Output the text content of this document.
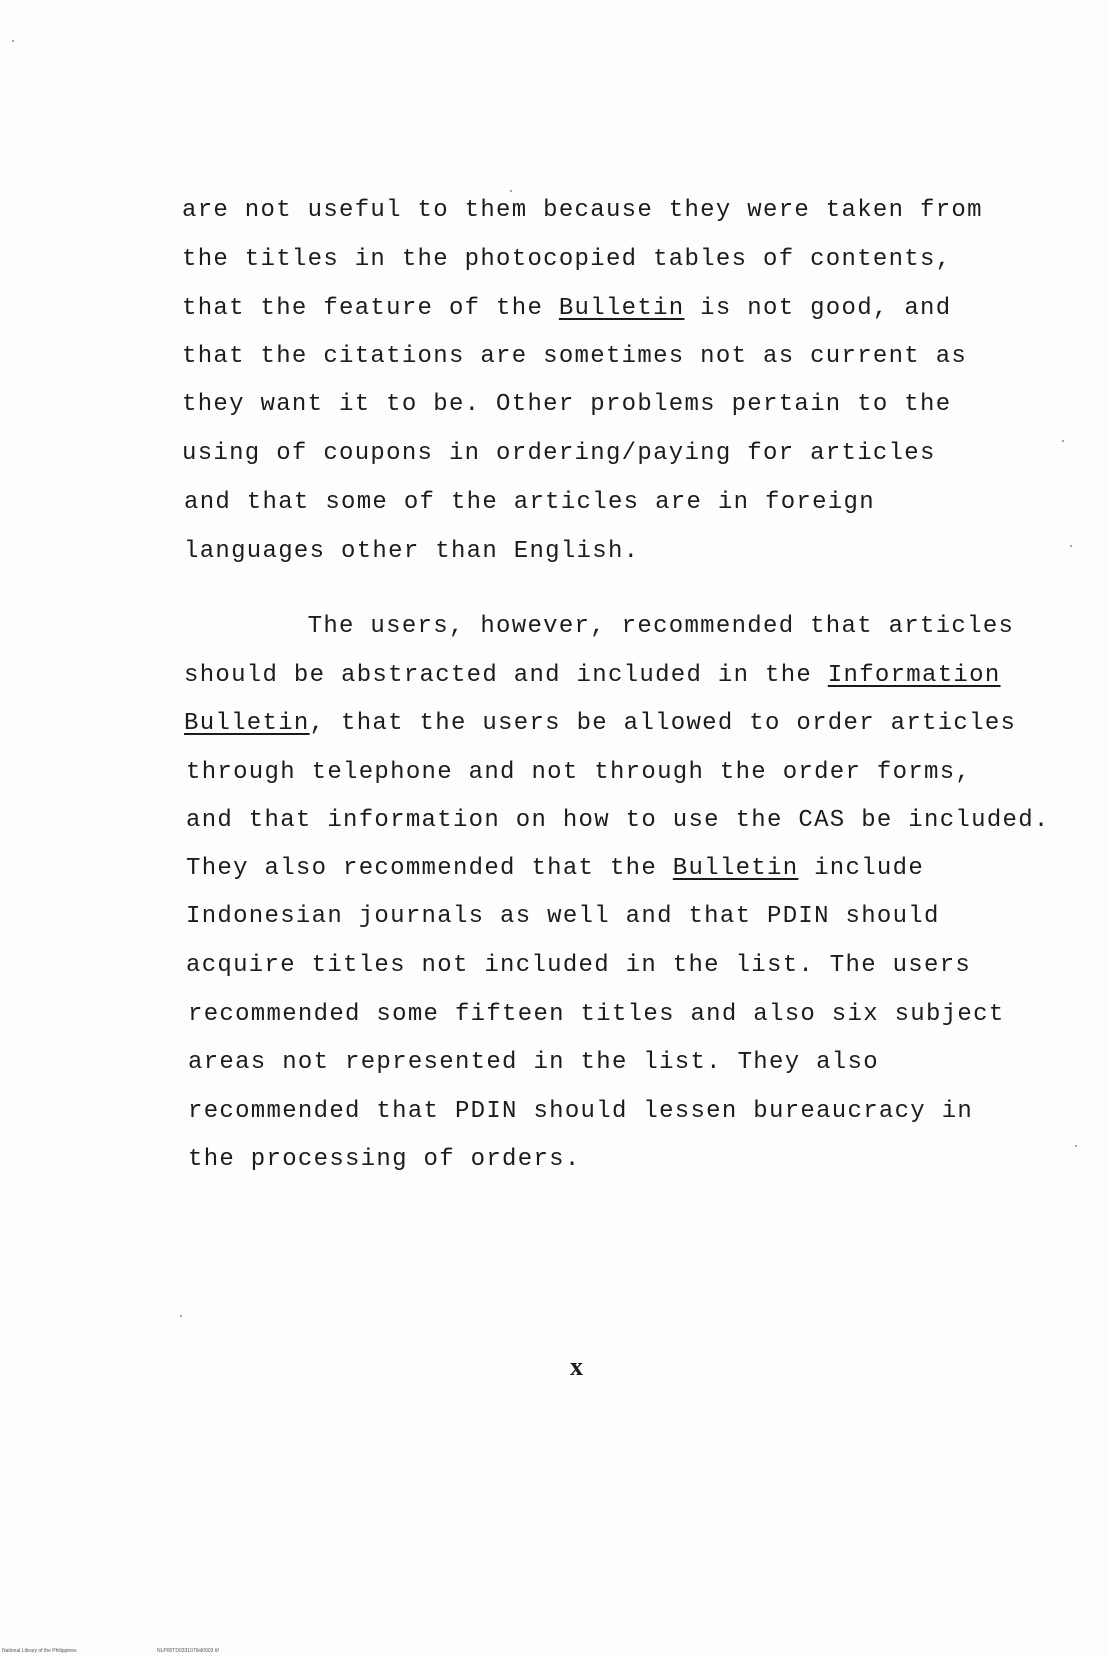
are not useful to them because they were taken from
the titles in the photocopied tables of contents,
that the feature of the Bulletin is not good, and
that the citations are sometimes not as current as
they want it to be. Other problems pertain to the
using of coupons in ordering/paying for articles
and that some of the articles are in foreign
languages other than English.
The users, however, recommended that articles
should be abstracted and included in the Information
Bulletin, that the users be allowed to order articles
through telephone and not through the order forms,
and that information on how to use the CAS be included.
They also recommended that the Bulletin include
Indonesian journals as well and that PDIN should
acquire titles not included in the list. The users
recommended some fifteen titles and also six subject
areas not represented in the list. They also
recommended that PDIN should lessen bureaucracy in
the processing of orders.
x
National Library of the Philippines	NLP00TD0331076id0003 tif
